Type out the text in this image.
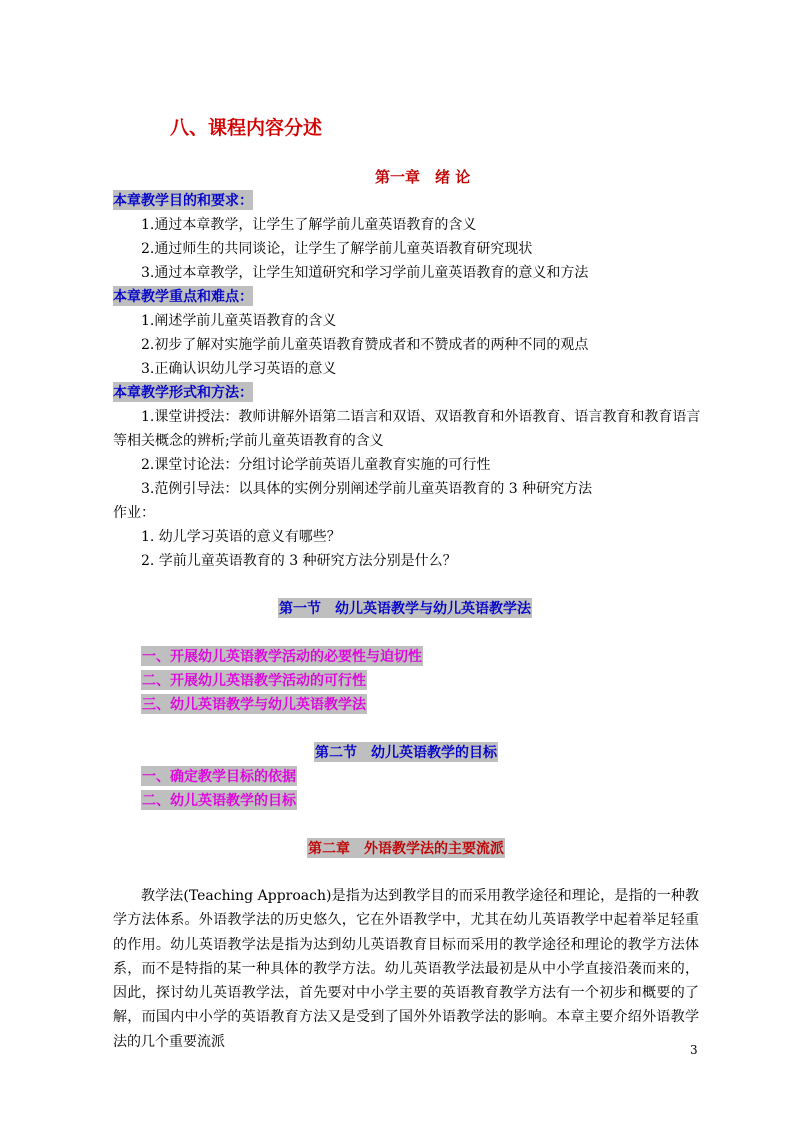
八、课程内容分述
第一章　绪 论
本章教学目的和要求：
1.通过本章教学，让学生了解学前儿童英语教育的含义
2.通过师生的共同谈论，让学生了解学前儿童英语教育研究现状
3.通过本章教学，让学生知道研究和学习学前儿童英语教育的意义和方法
本章教学重点和难点：
1.阐述学前儿童英语教育的含义
2.初步了解对实施学前儿童英语教育赞成者和不赞成者的两种不同的观点
3.正确认识幼儿学习英语的意义
本章教学形式和方法：
1.课堂讲授法：教师讲解外语第二语言和双语、双语教育和外语教育、语言教育和教育语言
等相关概念的辨析;学前儿童英语教育的含义
2.课堂讨论法：分组讨论学前英语儿童教育实施的可行性
3.范例引导法：以具体的实例分别阐述学前儿童英语教育的 3 种研究方法
作业：
1. 幼儿学习英语的意义有哪些？
2. 学前儿童英语教育的 3 种研究方法分别是什么？
第一节　幼儿英语教学与幼儿英语教学法
一、开展幼儿英语教学活动的必要性与迫切性
二、开展幼儿英语教学活动的可行性
三、幼儿英语教学与幼儿英语教学法
第二节　幼儿英语教学的目标
一、确定教学目标的依据
二、幼儿英语教学的目标
第二章　外语教学法的主要流派
教学法(Teaching Approach)是指为达到教学目的而采用教学途径和理论，是指的一种教学方法体系。外语教学法的历史悠久，它在外语教学中，尤其在幼儿英语教学中起着举足轻重的作用。幼儿英语教学法是指为达到幼儿英语教育目标而采用的教学途径和理论的教学方法体系，而不是特指的某一种具体的教学方法。幼儿英语教学法最初是从中小学直接沿袭而来的，因此，探讨幼儿英语教学法，首先要对中小学主要的英语教育教学方法有一个初步和概要的了解，而国内中小学的英语教育方法又是受到了国外外语教学法的影响。本章主要介绍外语教学法的几个重要流派
3
